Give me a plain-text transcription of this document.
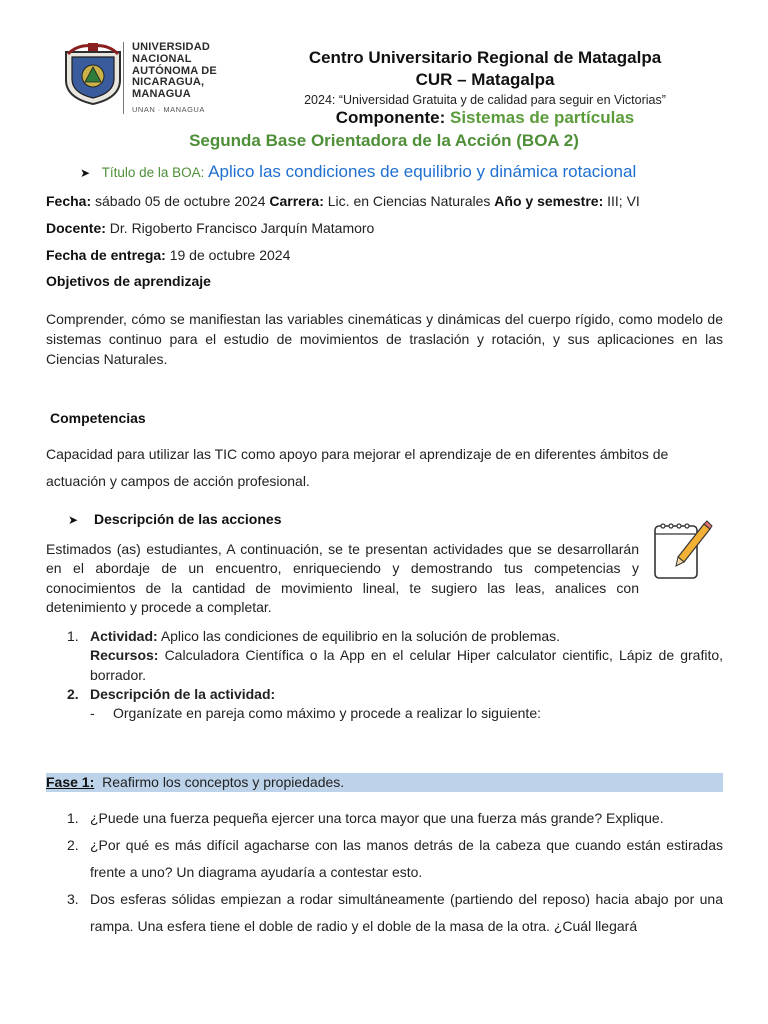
UNIVERSIDAD
NACIONAL
AUTÓNOMA DE
NICARAGUA,
MANAGUA
UNAN · MANAGUA
Centro Universitario Regional de Matagalpa
CUR – Matagalpa
2024: “Universidad Gratuita y de calidad para seguir en Victorias”
Componente: Sistemas de partículas
Segunda Base Orientadora de la Acción (BOA 2)
➤ Título de la BOA: Aplico las condiciones de equilibrio y dinámica rotacional
Fecha: sábado 05 de octubre 2024 Carrera: Lic. en Ciencias Naturales Año y semestre: III; VI
Docente: Dr. Rigoberto Francisco Jarquín Matamoro
Fecha de entrega: 19 de octubre 2024
Objetivos de aprendizaje
Comprender, cómo se manifiestan las variables cinemáticas y dinámicas del cuerpo rígido, como modelo de sistemas continuo para el estudio de movimientos de traslación y rotación, y sus aplicaciones en las Ciencias Naturales.
Competencias
Capacidad para utilizar las TIC como apoyo para mejorar el aprendizaje de en diferentes ámbitos de actuación y campos de acción profesional.
➤ Descripción de las acciones
Estimados (as) estudiantes, A continuación, se te presentan actividades que se desarrollarán en el abordaje de un encuentro, enriqueciendo y demostrando tus competencias y conocimientos de la cantidad de movimiento lineal, te sugiero las leas, analices con detenimiento y procede a completar.
1. Actividad: Aplico las condiciones de equilibrio en la solución de problemas.
Recursos: Calculadora Científica o la App en el celular Hiper calculator cientific, Lápiz de grafito, borrador.
2. Descripción de la actividad:
- Organízate en pareja como máximo y procede a realizar lo siguiente:
Fase 1: Reafirmo los conceptos y propiedades.
1. ¿Puede una fuerza pequeña ejercer una torca mayor que una fuerza más grande? Explique.
2. ¿Por qué es más difícil agacharse con las manos detrás de la cabeza que cuando están estiradas frente a uno? Un diagrama ayudaría a contestar esto.
3. Dos esferas sólidas empiezan a rodar simultáneamente (partiendo del reposo) hacia abajo por una rampa. Una esfera tiene el doble de radio y el doble de la masa de la otra. ¿Cuál llegará
